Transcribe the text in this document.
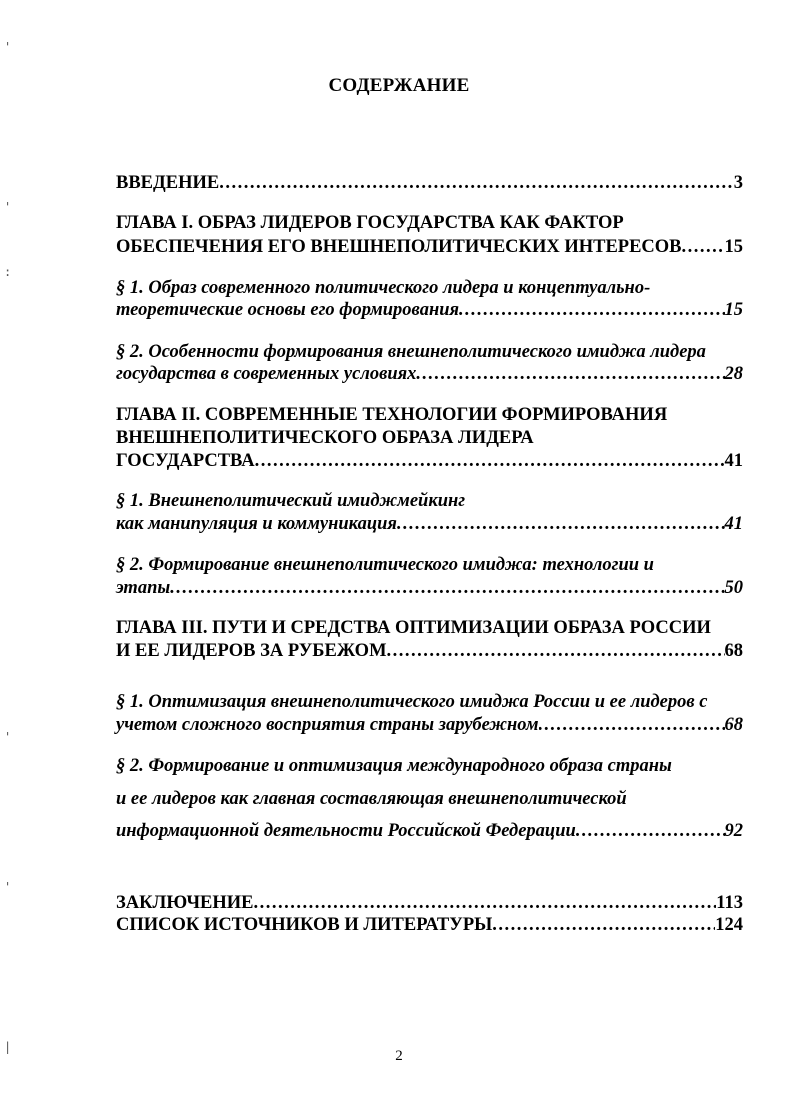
СОДЕРЖАНИЕ
ВВЕДЕНИЕ .....	3
ГЛАВА I. ОБРАЗ ЛИДЕРОВ ГОСУДАРСТВА КАК ФАКТОР
ОБЕСПЕЧЕНИЯ ЕГО ВНЕШНЕПОЛИТИЧЕСКИХ ИНТЕРЕСОВ ..... 15
§ 1. Образ современного политического лидера и концептуально-
теоретические основы его формирования .....	15
§ 2. Особенности формирования внешнеполитического имиджа лидера
государства в современных условиях .....	28
ГЛАВА II. СОВРЕМЕННЫЕ ТЕХНОЛОГИИ ФОРМИРОВАНИЯ
ВНЕШНЕПОЛИТИЧЕСКОГО ОБРАЗА ЛИДЕРА
ГОСУДАРСТВА .....	41
§ 1. Внешнеполитический имиджмейкинг
как манипуляция и коммуникация .....	41
§ 2. Формирование внешнеполитического имиджа: технологии и
этапы .....	50
ГЛАВА III. ПУТИ И СРЕДСТВА ОПТИМИЗАЦИИ ОБРАЗА РОССИИ
И ЕЕ ЛИДЕРОВ ЗА РУБЕЖОМ .....	68
§ 1. Оптимизация внешнеполитического имиджа России и ее лидеров с
учетом сложного восприятия страны зарубежном .....	68
§ 2. Формирование и оптимизация международного образа страны
и ее лидеров как главная составляющая внешнеполитической
информационной деятельности Российской Федерации .....	92
ЗАКЛЮЧЕНИЕ .....	113
СПИСОК ИСТОЧНИКОВ И ЛИТЕРАТУРЫ .....	124
'
'
:
'
'
|
2
